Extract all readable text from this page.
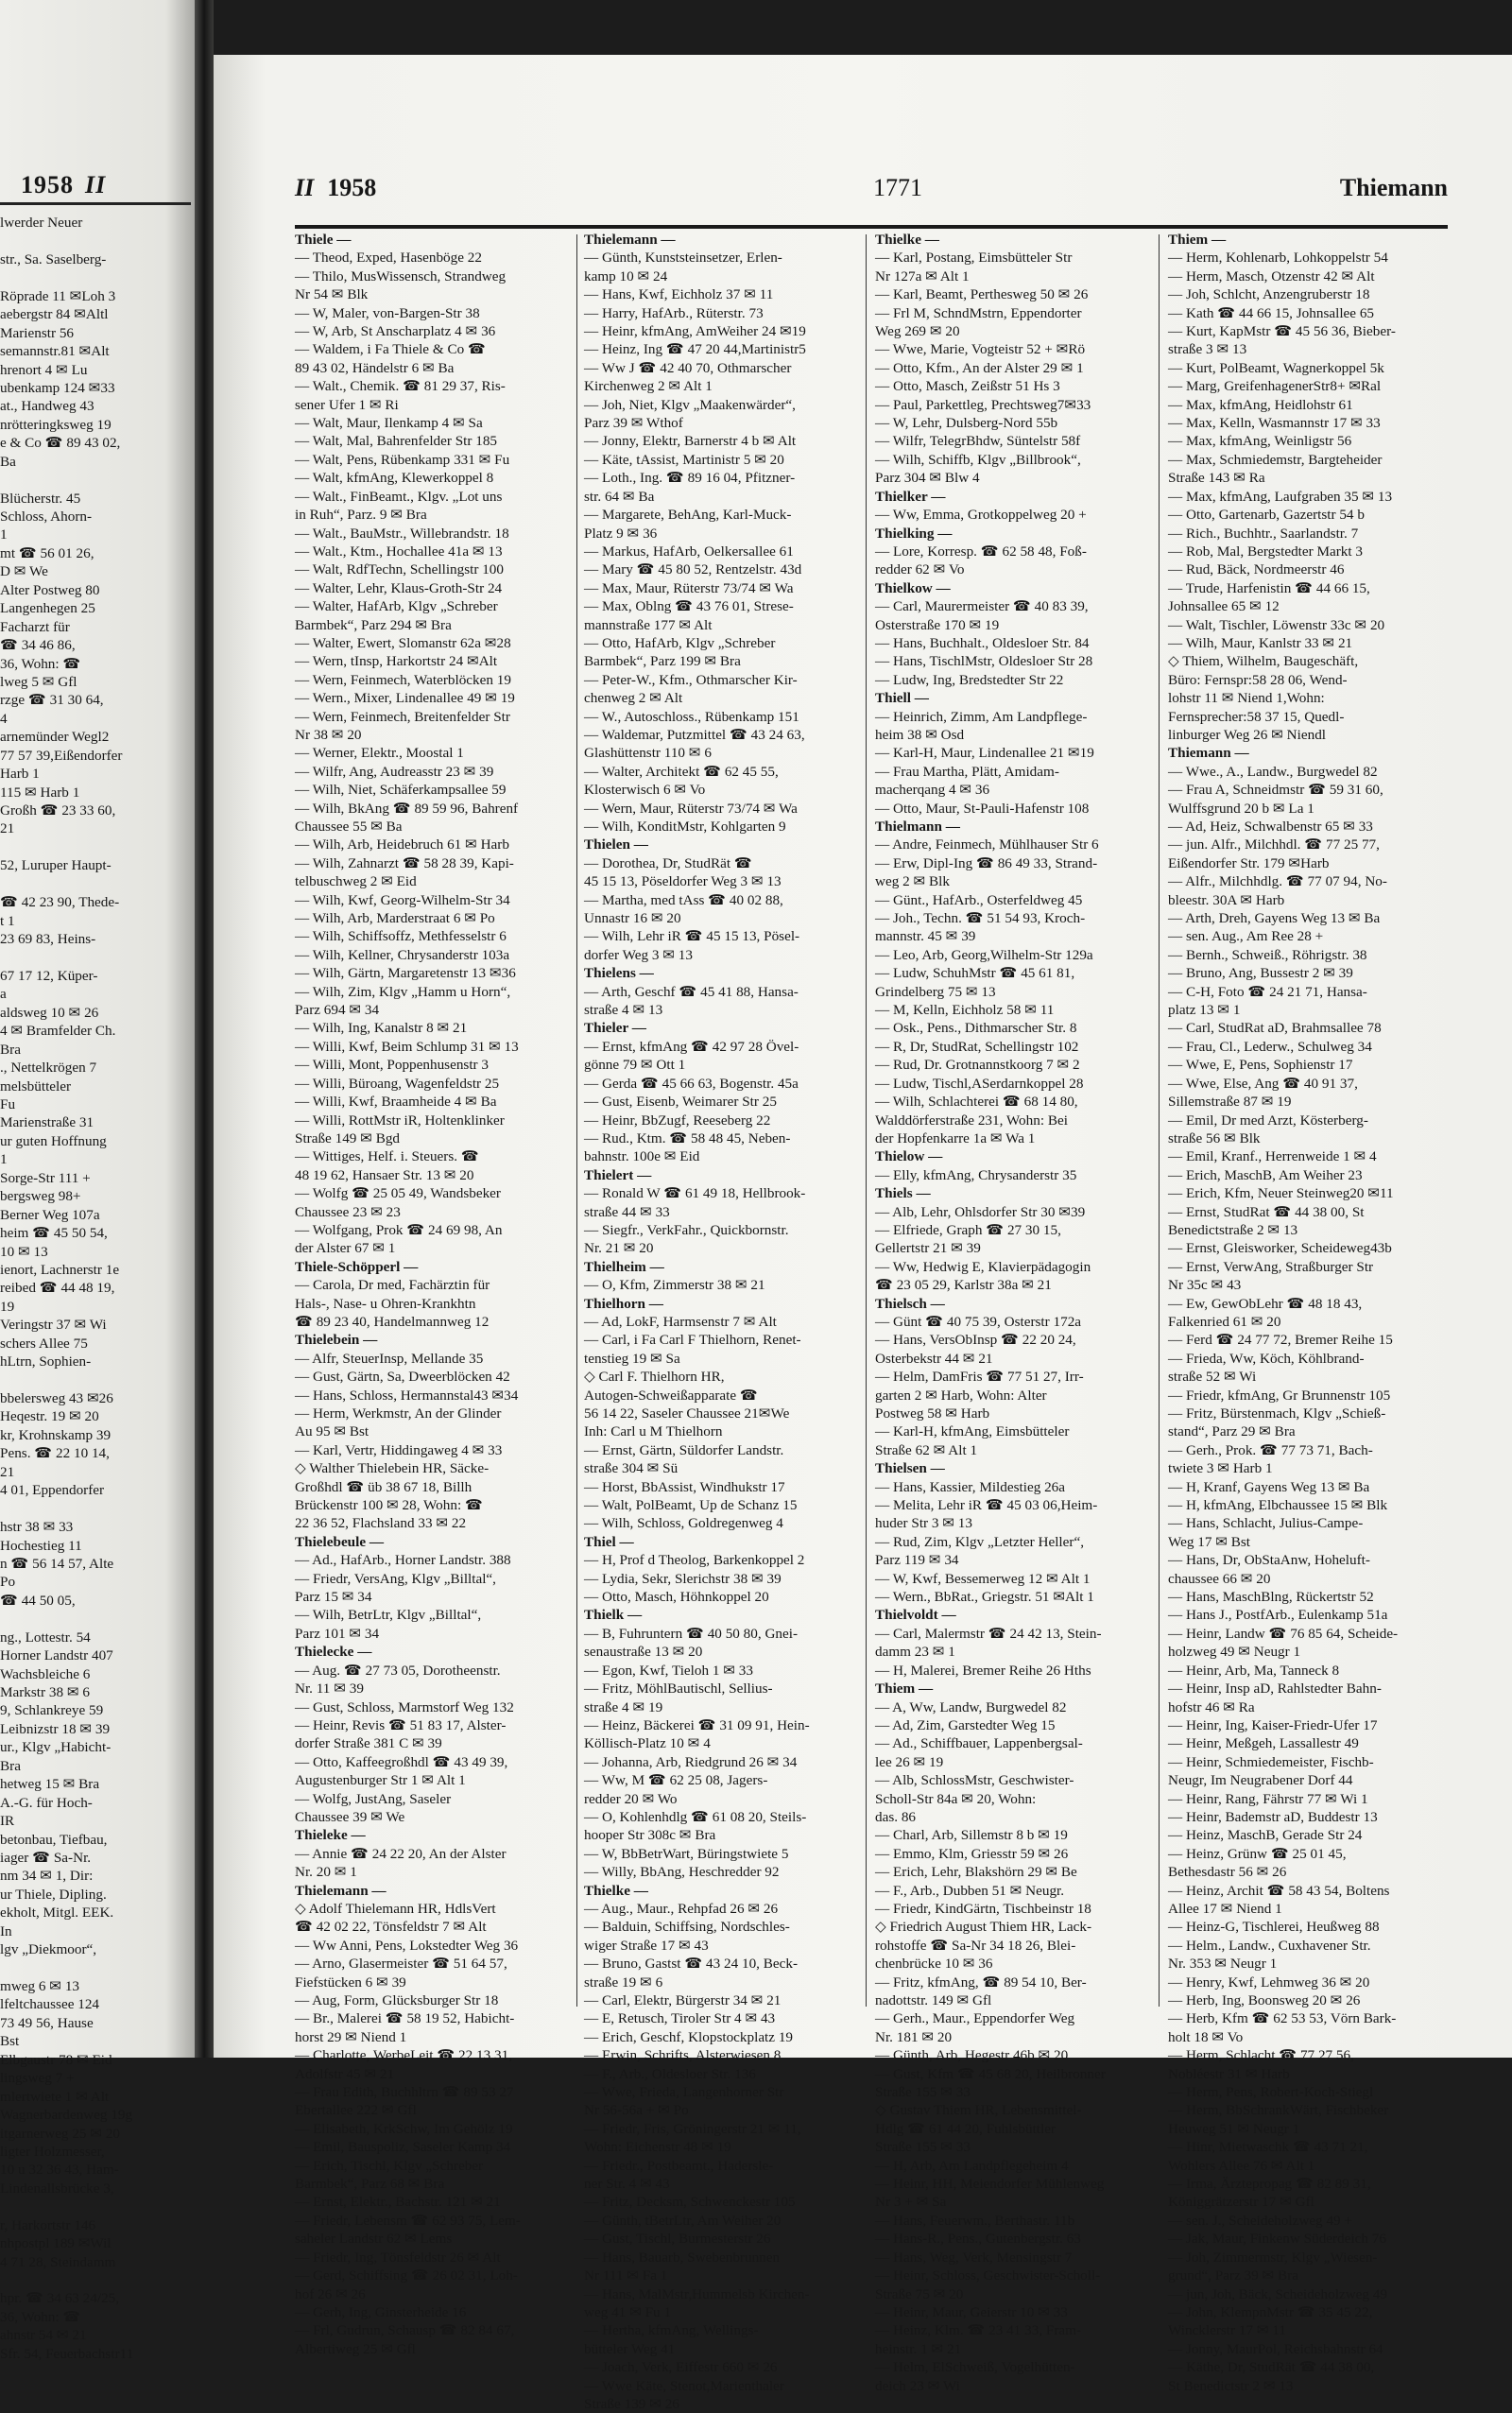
1958 II
lwerder Neuer
str., Sa. Saselberg-
Röprade 11 ✉Loh 3
aebergstr 84 ✉Altl
Marienstr 56
semannstr.81 ✉Alt
hrenort 4 ✉ Lu
ubenkamp 124 ✉33
at., Handweg 43
nrötteringksweg 19
e & Co ☎ 89 43 02,
Ba
Blücherstr. 45
Schloss, Ahorn-
1
mt ☎ 56 01 26,
D ✉ We
Alter Postweg 80
Langenhegen 25
Facharzt für
☎ 34 46 86,
36, Wohn: ☎
lweg 5 ✉ Gfl
rzge ☎ 31 30 64,
4
arnemünder Wegl2
77 57 39,Eißendorfer
Harb 1
115 ✉ Harb 1
Großh ☎ 23 33 60,
21
52, Luruper Haupt-
☎ 42 23 90, Thede-
t 1
23 69 83, Heins-
67 17 12, Küper-
a
aldsweg 10 ✉ 26
4 ✉ Bramfelder Ch.
Bra
., Nettelkrögen 7
melsbütteler
Fu
Marienstraße 31
ur guten Hoffnung
1
Sorge-Str 111 +
bergsweg 98+
Berner Weg 107a
heim ☎ 45 50 54,
10 ✉ 13
ienort, Lachnerstr 1e
reibed ☎ 44 48 19,
19
Veringstr 37 ✉ Wi
schers Allee 75
hLtrn, Sophien-
bbelersweg 43 ✉26
Heqestr. 19 ✉ 20
kr, Krohnskamp 39
Pens. ☎ 22 10 14,
21
4 01, Eppendorfer
hstr 38 ✉ 33
Hochestieg 11
n ☎ 56 14 57, Alte
Po
☎ 44 50 05,
ng., Lottestr. 54
Horner Landstr 407
Wachsbleiche 6
Markstr 38 ✉ 6
9, Schlankreye 59
Leibnizstr 18 ✉ 39
ur., Klgv „Habicht-
Bra
hetweg 15 ✉ Bra
A.-G. für Hoch-
IR
betonbau, Tiefbau,
iager ☎ Sa-Nr.
nm 34 ✉ 1, Dir:
ur Thiele, Dipling.
ekholt, Mitgl. EEK.
In
lgv „Diekmoor“,
mweg 6 ✉ 13
lfeltchaussee 124
73 49 56, Hause
Bst
Elbgaustr 78 ✉ Eid
lingsweg 7 +
mlertwiete 1 ✉ Alt
Wagnerbardenweg 19g
itgarnerweg 25 ✉ 20
ligter Holzmesser,
10 u 32 36 43, Ham-
Lindenallsbrücke 3,
r, Harkortstr 146
nhpostpl 189 ✉Wil
4 71 28, Steindamm
hpr. ☎ 34 63 24/25,
36, Wohn: ☎
ahnstr 54 ✉ 21
Sfr. 54, Feuerbachstr11
II 1958	1771	Thiemann
Thiele —
— Theod, Exped, Hasenböge 22
— Thilo, MusWissensch, Strandweg
Nr 54 ✉ Blk
— W, Maler, von-Bargen-Str 38
— W, Arb, St Anscharplatz 4 ✉ 36
— Waldem, i Fa Thiele & Co ☎
89 43 02, Händelstr 6 ✉ Ba
— Walt., Chemik. ☎ 81 29 37, Ris-
sener Ufer 1 ✉ Ri
— Walt, Maur, Ilenkamp 4 ✉ Sa
— Walt, Mal, Bahrenfelder Str 185
— Walt, Pens, Rübenkamp 331 ✉ Fu
— Walt, kfmAng, Klewerkoppel 8
— Walt., FinBeamt., Klgv. „Lot uns
in Ruh“, Parz. 9 ✉ Bra
— Walt., BauMstr., Willebrandstr. 18
— Walt., Ktm., Hochallee 41a ✉ 13
— Walt, RdfTechn, Schellingstr 100
— Walter, Lehr, Klaus-Groth-Str 24
— Walter, HafArb, Klgv „Schreber
Barmbek“, Parz 294 ✉ Bra
— Walter, Ewert, Slomanstr 62a ✉28
— Wern, tInsp, Harkortstr 24 ✉Alt
— Wern, Feinmech, Waterblöcken 19
— Wern., Mixer, Lindenallee 49 ✉ 19
— Wern, Feinmech, Breitenfelder Str
Nr 38 ✉ 20
— Werner, Elektr., Moostal 1
— Wilfr, Ang, Audreasstr 23 ✉ 39
— Wilh, Niet, Schäferkampsallee 59
— Wilh, BkAng ☎ 89 59 96, Bahrenf
Chaussee 55 ✉ Ba
— Wilh, Arb, Heidebruch 61 ✉ Harb
— Wilh, Zahnarzt ☎ 58 28 39, Kapi-
telbuschweg 2 ✉ Eid
— Wilh, Kwf, Georg-Wilhelm-Str 34
— Wilh, Arb, Marderstraat 6 ✉ Po
— Wilh, Schiffsoffz, Methfesselstr 6
— Wilh, Kellner, Chrysanderstr 103a
— Wilh, Gärtn, Margaretenstr 13 ✉36
— Wilh, Zim, Klgv „Hamm u Horn“,
Parz 694 ✉ 34
— Wilh, Ing, Kanalstr 8 ✉ 21
— Willi, Kwf, Beim Schlump 31 ✉ 13
— Willi, Mont, Poppenhusenstr 3
— Willi, Büroang, Wagenfeldstr 25
— Willi, Kwf, Braamheide 4 ✉ Ba
— Willi, RottMstr iR, Holtenklinker
Straße 149 ✉ Bgd
— Wittiges, Helf. i. Steuers. ☎
48 19 62, Hansaer Str. 13 ✉ 20
— Wolfg ☎ 25 05 49, Wandsbeker
Chaussee 23 ✉ 23
— Wolfgang, Prok ☎ 24 69 98, An
der Alster 67 ✉ 1
Thiele-Schöpperl —
— Carola, Dr med, Fachärztin für
Hals-, Nase- u Ohren-Krankhtn
☎ 89 23 40, Handelmannweg 12
Thielebein —
— Alfr, SteuerInsp, Mellande 35
— Gust, Gärtn, Sa, Dweerblöcken 42
— Hans, Schloss, Hermannstal43 ✉34
— Herm, Werkmstr, An der Glinder
Au 95 ✉ Bst
— Karl, Vertr, Hiddingaweg 4 ✉ 33
◇ Walther Thielebein HR, Säcke-
Großhdl ☎ üb 38 67 18, Billh
Brückenstr 100 ✉ 28, Wohn: ☎
22 36 52, Flachsland 33 ✉ 22
Thielebeule —
— Ad., HafArb., Horner Landstr. 388
— Friedr, VersAng, Klgv „Billtal“,
Parz 15 ✉ 34
— Wilh, BetrLtr, Klgv „Billtal“,
Parz 101 ✉ 34
Thielecke —
— Aug. ☎ 27 73 05, Dorotheenstr.
Nr. 11 ✉ 39
— Gust, Schloss, Marmstorf Weg 132
— Heinr, Revis ☎ 51 83 17, Alster-
dorfer Straße 381 C ✉ 39
— Otto, Kaffeegroßhdl ☎ 43 49 39,
Augustenburger Str 1 ✉ Alt 1
— Wolfg, JustAng, Saseler
Chaussee 39 ✉ We
Thieleke —
— Annie ☎ 24 22 20, An der Alster
Nr. 20 ✉ 1
Thielemann —
◇ Adolf Thielemann HR, HdlsVert
☎ 42 02 22, Tönsfeldstr 7 ✉ Alt
— Ww Anni, Pens, Lokstedter Weg 36
— Arno, Glasermeister ☎ 51 64 57,
Fiefstücken 6 ✉ 39
— Aug, Form, Glücksburger Str 18
— Br., Malerei ☎ 58 19 52, Habicht-
horst 29 ✉ Niend 1
— Charlotte, WerbeLeit ☎ 22 13 31,
Adolfstr 45 ✉ 21
— Frau Edith, Buchhltrn ☎ 89 53 27
Ebertallee 222 ✉ Gfl
— Elisabeth, KrkSchw, Im Gehölz 19
— Emil, Bauspoliz, Saseler Kamp 34
— Erich, Tischl, Klgv „Schreber
Barmbek“, Parz 68 ✉ Bra
— Ernst, Elektr., Bachstr. 121 ✉ 21
— Friedr, Lebensm ☎ 62 93 75, Lem-
saheler Landstr 62 ✉ Lems
— Friedr, Ing, Tönsfeldstr 26 ✉ Alt
— Gerd, Schiffsing ☎ 26 02 31, Loh-
hof 26 ✉ 26
— Gerh, Ing, Ginsterheide 16
— Frl, Gudrun, Schausp ☎ 82 84 67,
Albertiweg 25 ✉ Gfl
Thielemann —
— Günth, Kunststeinsetzer, Erlen-
kamp 10 ✉ 24
— Hans, Kwf, Eichholz 37 ✉ 11
— Harry, HafArb., Rüterstr. 73
— Heinr, kfmAng, AmWeiher 24 ✉19
— Heinz, Ing ☎ 47 20 44,Martinistr5
— Ww J ☎ 42 40 70, Othmarscher
Kirchenweg 2 ✉ Alt 1
— Joh, Niet, Klgv „Maakenwärder“,
Parz 39 ✉ Wthof
— Jonny, Elektr, Barnerstr 4 b ✉ Alt
— Käte, tAssist, Martinistr 5 ✉ 20
— Loth., Ing. ☎ 89 16 04, Pfitzner-
str. 64 ✉ Ba
— Margarete, BehAng, Karl-Muck-
Platz 9 ✉ 36
— Markus, HafArb, Oelkersallee 61
— Mary ☎ 45 80 52, Rentzelstr. 43d
— Max, Maur, Rüterstr 73/74 ✉ Wa
— Max, Oblng ☎ 43 76 01, Strese-
mannstraße 177 ✉ Alt
— Otto, HafArb, Klgv „Schreber
Barmbek“, Parz 199 ✉ Bra
— Peter-W., Kfm., Othmarscher Kir-
chenweg 2 ✉ Alt
— W., Autoschloss., Rübenkamp 151
— Waldemar, Putzmittel ☎ 43 24 63,
Glashüttenstr 110 ✉ 6
— Walter, Architekt ☎ 62 45 55,
Klosterwisch 6 ✉ Vo
— Wern, Maur, Rüterstr 73/74 ✉ Wa
— Wilh, KonditMstr, Kohlgarten 9
Thielen —
— Dorothea, Dr, StudRät ☎
45 15 13, Pöseldorfer Weg 3 ✉ 13
— Martha, med tAss ☎ 40 02 88,
Unnastr 16 ✉ 20
— Wilh, Lehr iR ☎ 45 15 13, Pösel-
dorfer Weg 3 ✉ 13
Thielens —
— Arth, Geschf ☎ 45 41 88, Hansa-
straße 4 ✉ 13
Thieler —
— Ernst, kfmAng ☎ 42 97 28 Övel-
gönne 79 ✉ Ott 1
— Gerda ☎ 45 66 63, Bogenstr. 45a
— Gust, Eisenb, Weimarer Str 25
— Heinr, BbZugf, Reeseberg 22
— Rud., Ktm. ☎ 58 48 45, Neben-
bahnstr. 100e ✉ Eid
Thielert —
— Ronald W ☎ 61 49 18, Hellbrook-
straße 44 ✉ 33
— Siegfr., VerkFahr., Quickbornstr.
Nr. 21 ✉ 20
Thielheim —
— O, Kfm, Zimmerstr 38 ✉ 21
Thielhorn —
— Ad, LokF, Harmsenstr 7 ✉ Alt
— Carl, i Fa Carl F Thielhorn, Renet-
tenstieg 19 ✉ Sa
◇ Carl F. Thielhorn HR,
Autogen-Schweißapparate ☎
56 14 22, Saseler Chaussee 21✉We
Inh: Carl u M Thielhorn
— Ernst, Gärtn, Süldorfer Landstr.
straße 304 ✉ Sü
— Horst, BbAssist, Windhukstr 17
— Walt, PolBeamt, Up de Schanz 15
— Wilh, Schloss, Goldregenweg 4
Thiel —
— H, Prof d Theolog, Barkenkoppel 2
— Lydia, Sekr, Slerichstr 38 ✉ 39
— Otto, Masch, Höhnkoppel 20
Thielk —
— B, Fuhruntern ☎ 40 50 80, Gnei-
senaustraße 13 ✉ 20
— Egon, Kwf, Tieloh 1 ✉ 33
— Fritz, MöhlBautischl, Sellius-
straße 4 ✉ 19
— Heinz, Bäckerei ☎ 31 09 91, Hein-
Köllisch-Platz 10 ✉ 4
— Johanna, Arb, Riedgrund 26 ✉ 34
— Ww, M ☎ 62 25 08, Jagers-
redder 20 ✉ Wo
— O, Kohlenhdlg ☎ 61 08 20, Steils-
hooper Str 308c ✉ Bra
— W, BbBetrWart, Büringstwiete 5
— Willy, BbAng, Heschredder 92
Thielke —
— Aug., Maur., Rehpfad 26 ✉ 26
— Balduin, Schiffsing, Nordschles-
wiger Straße 17 ✉ 43
— Bruno, Gastst ☎ 43 24 10, Beck-
straße 19 ✉ 6
— Carl, Elektr, Bürgerstr 34 ✉ 21
— E, Retusch, Tiroler Str 4 ✉ 43
— Erich, Geschf, Klopstockplatz 19
— Erwin, Schrifts, Alsterwiesen 8
— F., Arb., Oldesloer Str. 136
— Wwe, Frieda, Langenhorner Str
Nr 56-56a + ✉ Po
— Friedr, Fris, Gröningerstr 21 ✉ 11,
Wohn: Eichenstr 48 ✉ 19
— Friedr., Postbeamt., Hadersle-
ner Str. 4 ✉ 43
— Fritz, Decksm, Schwenckestr 105
— Günth, tBetrLtr, Am Weiher 20
— Gust, Tischl, Burmesterstr 26
— Hans, Bauarb, Swebenbrunnen
Nr 111 ✉ Fa 1
— Hans, MalMstr,Hummelsb Kirchen-
weg 41 ✉ Fu 1
— Hertha, kfmAng, Wellings-
bütteler Weg 41
— Joach, Verk, Eiffestr 660 ✉ 26
— Wwe Käte, Stenot,Marienthaler
Straße 139 ✉ 26
Thielke —
— Karl, Postang, Eimsbütteler Str
Nr 127a ✉ Alt 1
— Karl, Beamt, Perthesweg 50 ✉ 26
— Frl M, SchndMstrn, Eppendorter
Weg 269 ✉ 20
— Wwe, Marie, Vogteistr 52 + ✉Rö
— Otto, Kfm., An der Alster 29 ✉ 1
— Otto, Masch, Zeißstr 51 Hs 3
— Paul, Parkettleg, Prechtsweg7✉33
— W, Lehr, Dulsberg-Nord 55b
— Wilfr, TelegrBhdw, Süntelstr 58f
— Wilh, Schiffb, Klgv „Billbrook“,
Parz 304 ✉ Blw 4
Thielker —
— Ww, Emma, Grotkoppelweg 20 +
Thielking —
— Lore, Korresp. ☎ 62 58 48, Foß-
redder 62 ✉ Vo
Thielkow —
— Carl, Maurermeister ☎ 40 83 39,
Osterstraße 170 ✉ 19
— Hans, Buchhalt., Oldesloer Str. 84
— Hans, TischlMstr, Oldesloer Str 28
— Ludw, Ing, Bredstedter Str 22
Thiell —
— Heinrich, Zimm, Am Landpflege-
heim 38 ✉ Osd
— Karl-H, Maur, Lindenallee 21 ✉19
— Frau Martha, Plätt, Amidam-
macherqang 4 ✉ 36
— Otto, Maur, St-Pauli-Hafenstr 108
Thielmann —
— Andre, Feinmech, Mühlhauser Str 6
— Erw, Dipl-Ing ☎ 86 49 33, Strand-
weg 2 ✉ Blk
— Günt., HafArb., Osterfeldweg 45
— Joh., Techn. ☎ 51 54 93, Kroch-
mannstr. 45 ✉ 39
— Leo, Arb, Georg,Wilhelm-Str 129a
— Ludw, SchuhMstr ☎ 45 61 81,
Grindelberg 75 ✉ 13
— M, Kelln, Eichholz 58 ✉ 11
— Osk., Pens., Dithmarscher Str. 8
— R, Dr, StudRat, Schellingstr 102
— Rud, Dr. Grotnannstkoorg 7 ✉ 2
— Ludw, Tischl,ASerdarnkoppel 28
— Wilh, Schlachterei ☎ 68 14 80,
Walddörferstraße 231, Wohn: Bei
der Hopfenkarre 1a ✉ Wa 1
Thielow —
— Elly, kfmAng, Chrysanderstr 35
Thiels —
— Alb, Lehr, Ohlsdorfer Str 30 ✉39
— Elfriede, Graph ☎ 27 30 15,
Gellertstr 21 ✉ 39
— Ww, Hedwig E, Klavierpädagogin
☎ 23 05 29, Karlstr 38a ✉ 21
Thielsch —
— Günt ☎ 40 75 39, Osterstr 172a
— Hans, VersObInsp ☎ 22 20 24,
Osterbekstr 44 ✉ 21
— Helm, DamFris ☎ 77 51 27, Irr-
garten 2 ✉ Harb, Wohn: Alter
Postweg 58 ✉ Harb
— Karl-H, kfmAng, Eimsbütteler
Straße 62 ✉ Alt 1
Thielsen —
— Hans, Kassier, Mildestieg 26a
— Melita, Lehr iR ☎ 45 03 06,Heim-
huder Str 3 ✉ 13
— Rud, Zim, Klgv „Letzter Heller“,
Parz 119 ✉ 34
— W, Kwf, Bessemerweg 12 ✉ Alt 1
— Wern., BbRat., Griegstr. 51 ✉Alt 1
Thielvoldt —
— Carl, Malermstr ☎ 24 42 13, Stein-
damm 23 ✉ 1
— H, Malerei, Bremer Reihe 26 Hths
Thiem —
— A, Ww, Landw, Burgwedel 82
— Ad, Zim, Garstedter Weg 15
— Ad., Schiffbauer, Lappenbergsal-
lee 26 ✉ 19
— Alb, SchlossMstr, Geschwister-
Scholl-Str 84a ✉ 20, Wohn:
das. 86
— Charl, Arb, Sillemstr 8 b ✉ 19
— Emmo, Klm, Griesstr 59 ✉ 26
— Erich, Lehr, Blakshörn 29 ✉ Be
— F., Arb., Dubben 51 ✉ Neugr.
— Friedr, KindGärtn, Tischbeinstr 18
◇ Friedrich August Thiem HR, Lack-
rohstoffe ☎ Sa-Nr 34 18 26, Blei-
chenbrücke 10 ✉ 36
— Fritz, kfmAng, ☎ 89 54 10, Ber-
nadottstr. 149 ✉ Gfl
— Gerh., Maur., Eppendorfer Weg
Nr. 181 ✉ 20
— Günth, Arb, Hegestr 46b ✉ 20
— Gust, Kfm ☎ 45 68 20, Heilbronner
Straße 155 ✉ 33
◇ Gustav Thiem HR, Lebensmittel-
Hdlg ☎ 61 44 20, Fuhlsbüttler
Straße 155 ✉ 33
— H, Arb, Am Landpflegeheim 4
— Heinr, HH, Meiendorfer Mühlenweg
Nr 3 + ✉ Sa
— Hans, Feuerwm., Berthastr. 11b
— Hans-R., Pens., Gutenbergstr. 63
— Hans, Weg, Verk, Mensingstr 7
— Heinr, Schloss, Geschwister-Scholl-
Straße 75 ✉ 20
— Heinr, Maur, Geierstr 10 ✉ 33
— Heinz, Klm. ☎ 23 41 33, Fram-
heinstr. 1 ✉ 21
— Helm, ElSchweiß, Vogelhütten-
deich 23 ✉ Wi
Thiem —
— Herm, Kohlenarb, Lohkoppelstr 54
— Herm, Masch, Otzenstr 42 ✉ Alt
— Joh, Schlcht, Anzengruberstr 18
— Kath ☎ 44 66 15, Johnsallee 65
— Kurt, KapMstr ☎ 45 56 36, Bieber-
straße 3 ✉ 13
— Kurt, PolBeamt, Wagnerkoppel 5k
— Marg, GreifenhagenerStr8+ ✉Ral
— Max, kfmAng, Heidlohstr 61
— Max, Kelln, Wasmannstr 17 ✉ 33
— Max, kfmAng, Weinligstr 56
— Max, Schmiedemstr, Bargteheider
Straße 143 ✉ Ra
— Max, kfmAng, Laufgraben 35 ✉ 13
— Otto, Gartenarb, Gazertstr 54 b
— Rich., Buchhtr., Saarlandstr. 7
— Rob, Mal, Bergstedter Markt 3
— Rud, Bäck, Nordmeerstr 46
— Trude, Harfenistin ☎ 44 66 15,
Johnsallee 65 ✉ 12
— Walt, Tischler, Löwenstr 33c ✉ 20
— Wilh, Maur, Kanlstr 33 ✉ 21
◇ Thiem, Wilhelm, Baugeschäft,
Büro: Fernspr:58 28 06, Wend-
lohstr 11 ✉ Niend 1,Wohn:
Fernsprecher:58 37 15, Quedl-
linburger Weg 26 ✉ Niendl
Thiemann —
— Wwe., A., Landw., Burgwedel 82
— Frau A, Schneidmstr ☎ 59 31 60,
Wulffsgrund 20 b ✉ La 1
— Ad, Heiz, Schwalbenstr 65 ✉ 33
— jun. Alfr., Milchhdl. ☎ 77 25 77,
Eißendorfer Str. 179 ✉Harb
— Alfr., Milchhdlg. ☎ 77 07 94, No-
bleestr. 30A ✉ Harb
— Arth, Dreh, Gayens Weg 13 ✉ Ba
— sen. Aug., Am Ree 28 +
— Bernh., Schweiß., Röhrigstr. 38
— Bruno, Ang, Bussestr 2 ✉ 39
— C-H, Foto ☎ 24 21 71, Hansa-
platz 13 ✉ 1
— Carl, StudRat aD, Brahmsallee 78
— Frau, Cl., Lederw., Schulweg 34
— Wwe, E, Pens, Sophienstr 17
— Wwe, Else, Ang ☎ 40 91 37,
Sillemstraße 87 ✉ 19
— Emil, Dr med Arzt, Kösterberg-
straße 56 ✉ Blk
— Emil, Kranf., Herrenweide 1 ✉ 4
— Erich, MaschB, Am Weiher 23
— Erich, Kfm, Neuer Steinweg20 ✉11
— Ernst, StudRat ☎ 44 38 00, St
Benedictstraße 2 ✉ 13
— Ernst, Gleisworker, Scheideweg43b
— Ernst, VerwAng, Straßburger Str
Nr 35c ✉ 43
— Ew, GewObLehr ☎ 48 18 43,
Falkenried 61 ✉ 20
— Ferd ☎ 24 77 72, Bremer Reihe 15
— Frieda, Ww, Köch, Köhlbrand-
straße 52 ✉ Wi
— Friedr, kfmAng, Gr Brunnenstr 105
— Fritz, Bürstenmach, Klgv „Schieß-
stand“, Parz 29 ✉ Bra
— Gerh., Prok. ☎ 77 73 71, Bach-
twiete 3 ✉ Harb 1
— H, Kranf, Gayens Weg 13 ✉ Ba
— H, kfmAng, Elbchaussee 15 ✉ Blk
— Hans, Schlacht, Julius-Campe-
Weg 17 ✉ Bst
— Hans, Dr, ObStaAnw, Hoheluft-
chaussee 66 ✉ 20
— Hans, MaschBlng, Rückertstr 52
— Hans J., PostfArb., Eulenkamp 51a
— Heinr, Landw ☎ 76 85 64, Scheide-
holzweg 49 ✉ Neugr 1
— Heinr, Arb, Ma, Tanneck 8
— Heinr, Insp aD, Rahlstedter Bahn-
hofstr 46 ✉ Ra
— Heinr, Ing, Kaiser-Friedr-Ufer 17
— Heinr, Meßgeh, Lassallestr 49
— Heinr, Schmiedemeister, Fischb-
Neugr, Im Neugrabener Dorf 44
— Heinr, Rang, Fährstr 77 ✉ Wi 1
— Heinr, Bademstr aD, Buddestr 13
— Heinz, MaschB, Gerade Str 24
— Heinz, Grünw ☎ 25 01 45,
Bethesdastr 56 ✉ 26
— Heinz, Archit ☎ 58 43 54, Boltens
Allee 17 ✉ Niend 1
— Heinz-G, Tischlerei, Heußweg 88
— Helm., Landw., Cuxhavener Str.
Nr. 353 ✉ Neugr 1
— Henry, Kwf, Lehmweg 36 ✉ 20
— Herb, Ing, Boonsweg 20 ✉ 26
— Herb, Kfm ☎ 62 53 53, Vörn Bark-
holt 18 ✉ Vo
— Herm, Schlacht ☎ 77 27 56,
Nobléestr 31 ✉ Harb
— Herm, Pens, Robert-Koch-Stiegl
— Herm, BbSchrankWärt, Fischbeker
Heuweg 51 ✉ Neugr 1
— Hinr, Mietwaschk ☎ 43 71 21,
Wohlers Allee 76 ✉ Alt 1
— Irma, Ärztepropag ☎ 82 89 31,
Königgrätzerstr 17 ✉ Gfl
— sen. J., Scheideholzweg 49 +
— Jak, Maur, Finkenw Süderdeich 76
— Joh, Zimmermstr, Klgv „Wiesen-
grund“, Parz 39 ✉ Bra
— jun, Joh, Bäck, Scheideholzweg 49
— John, KlempnMstr ☎ 35 45 22,
Wincklerstr 17 ✉ 11
— Jonny, MaurPol, Reichsbahnstr 64
— Käthe, Dr, StudRät ☎ 44 38 00,
St Benedictstr 2 ✉ 13
